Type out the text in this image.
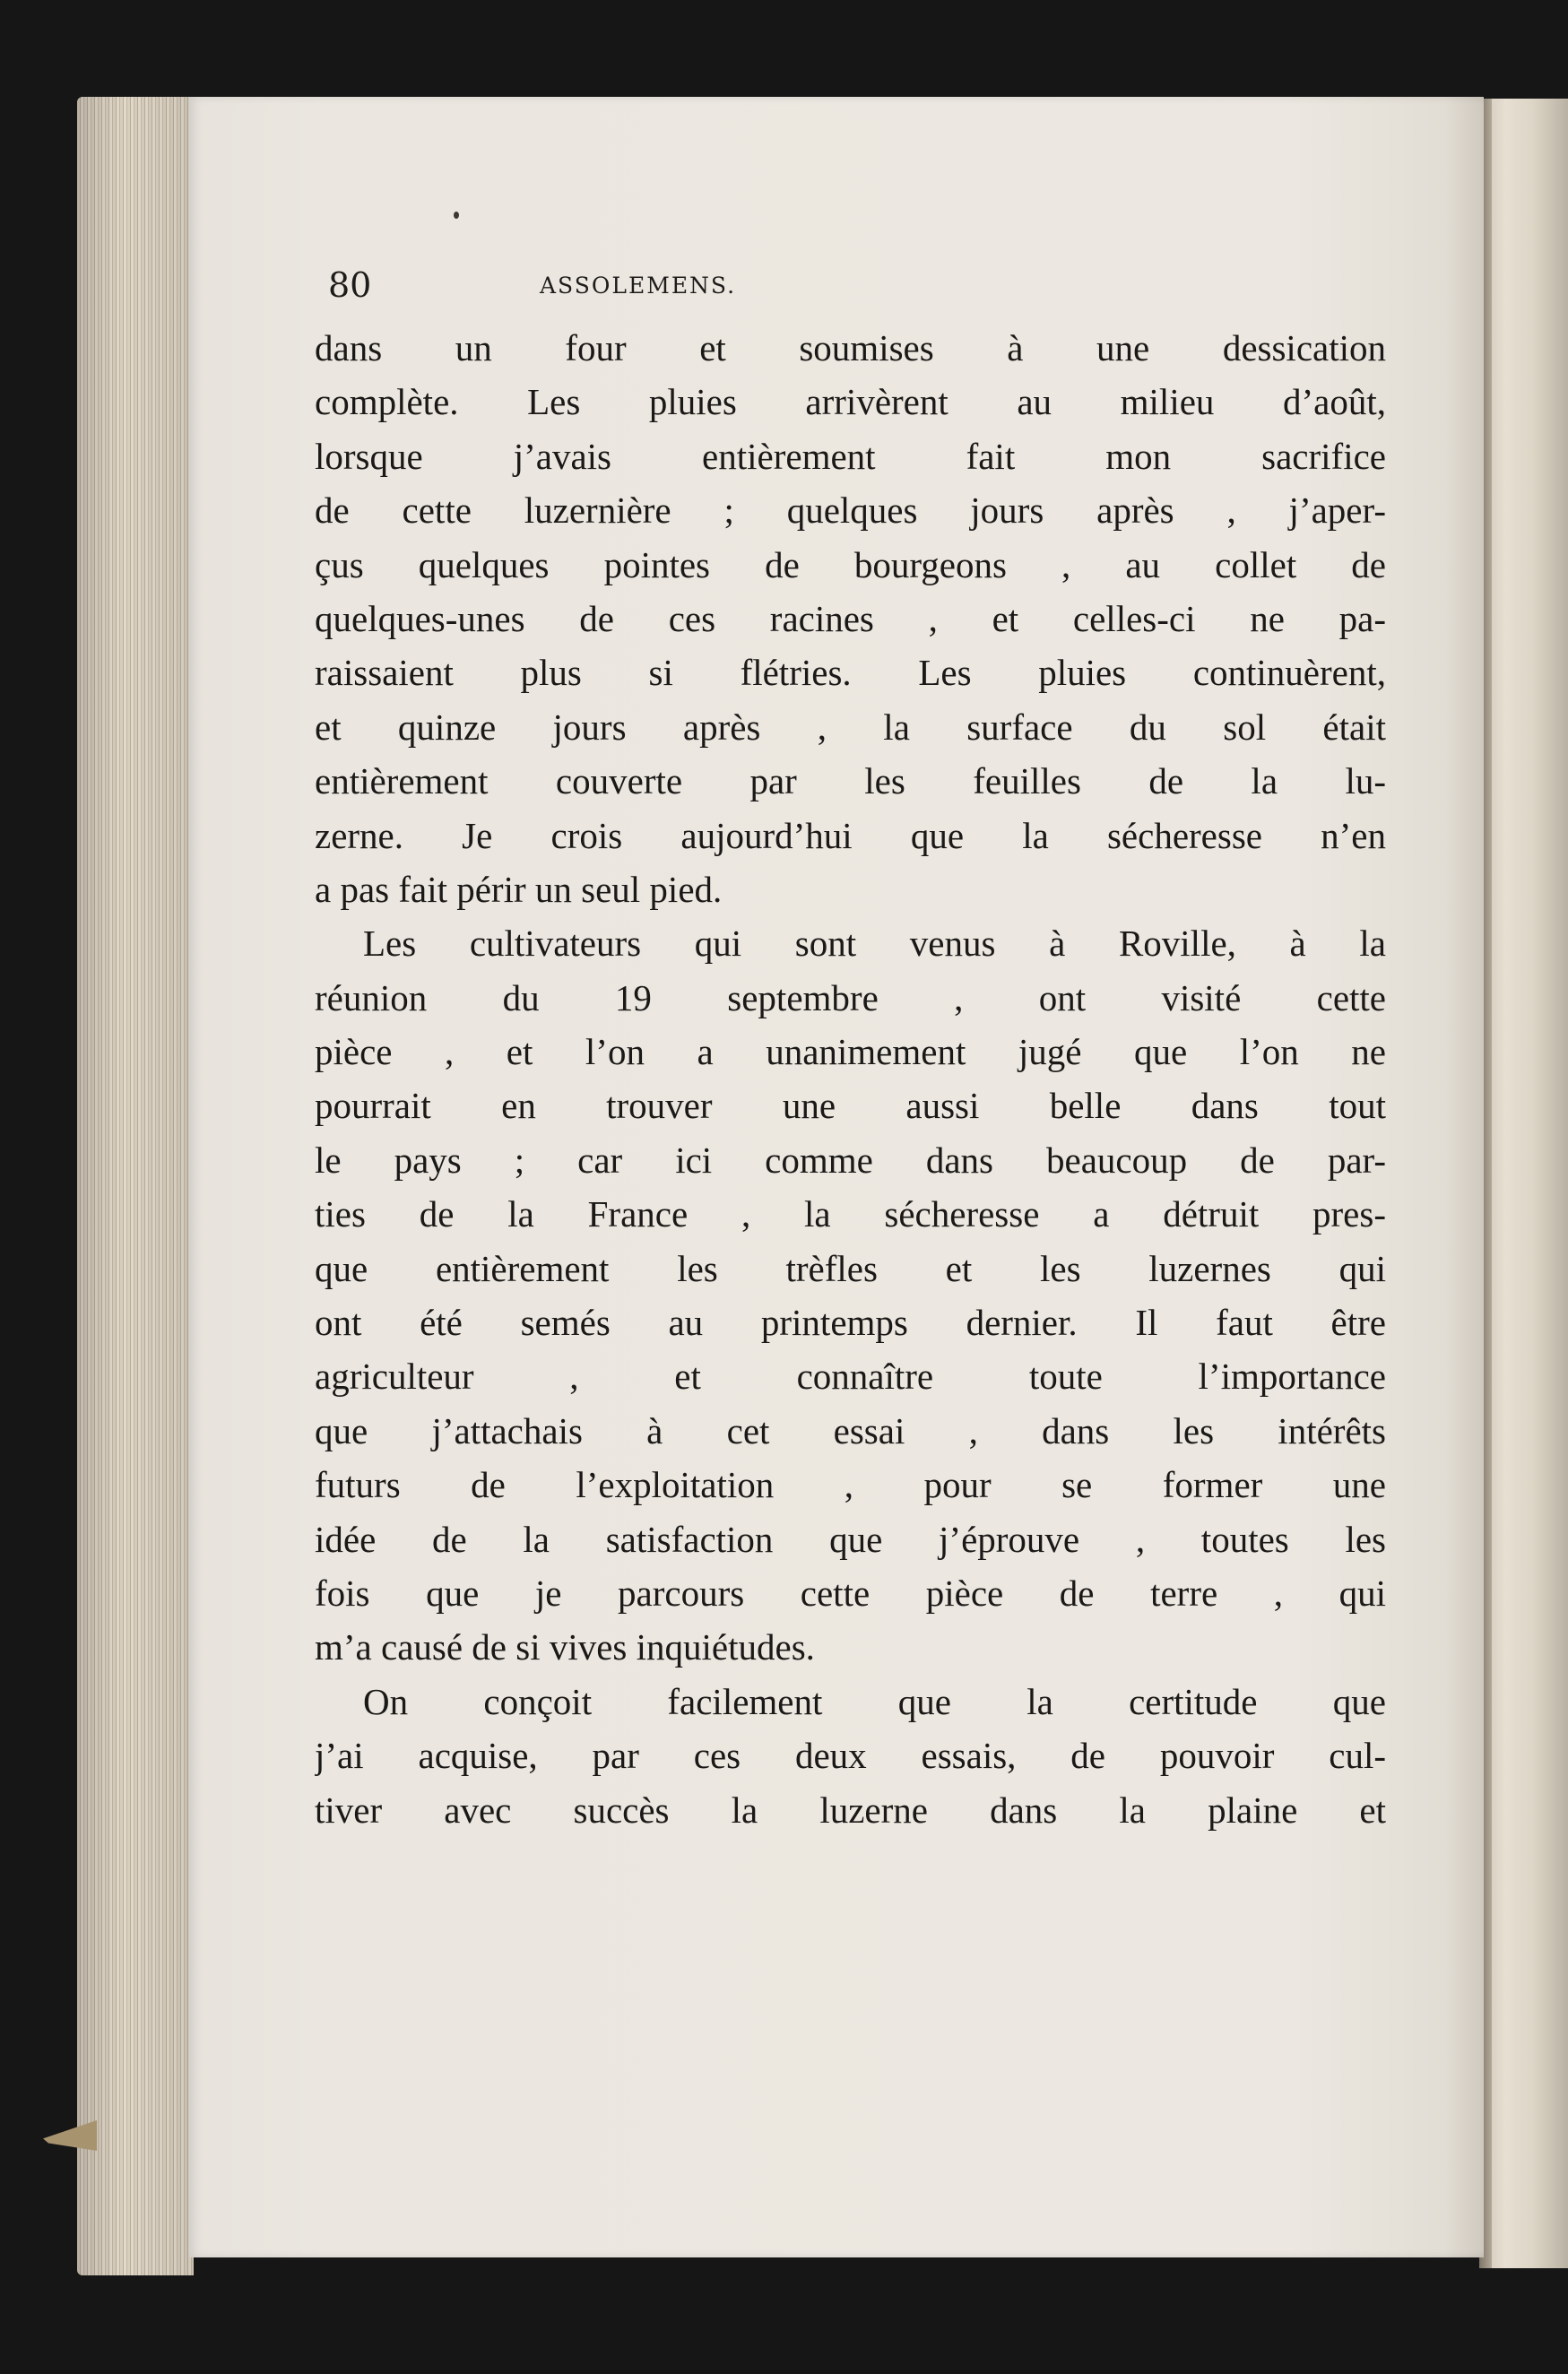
80	ASSOLEMENS.
dans un four et soumises à une dessication
complète. Les pluies arrivèrent au milieu d’août,
lorsque j’avais entièrement fait mon sacrifice
de cette luzernière ; quelques jours après , j’aper-
çus quelques pointes de bourgeons , au collet de
quelques-unes de ces racines , et celles-ci ne pa-
raissaient plus si flétries. Les pluies continuèrent,
et quinze jours après , la surface du sol était
entièrement couverte par les feuilles de la lu-
zerne. Je crois aujourd’hui que la sécheresse n’en
a pas fait périr un seul pied.
Les cultivateurs qui sont venus à Roville, à la
réunion du 19 septembre , ont visité cette
pièce , et l’on a unanimement jugé que l’on ne
pourrait en trouver une aussi belle dans tout
le pays ; car ici comme dans beaucoup de par-
ties de la France , la sécheresse a détruit pres-
que entièrement les trèfles et les luzernes qui
ont été semés au printemps dernier. Il faut être
agriculteur , et connaître toute l’importance
que j’attachais à cet essai , dans les intérêts
futurs de l’exploitation , pour se former une
idée de la satisfaction que j’éprouve , toutes les
fois que je parcours cette pièce de terre , qui
m’a causé de si vives inquiétudes.
On conçoit facilement que la certitude que
j’ai acquise, par ces deux essais, de pouvoir cul-
tiver avec succès la luzerne dans la plaine et
